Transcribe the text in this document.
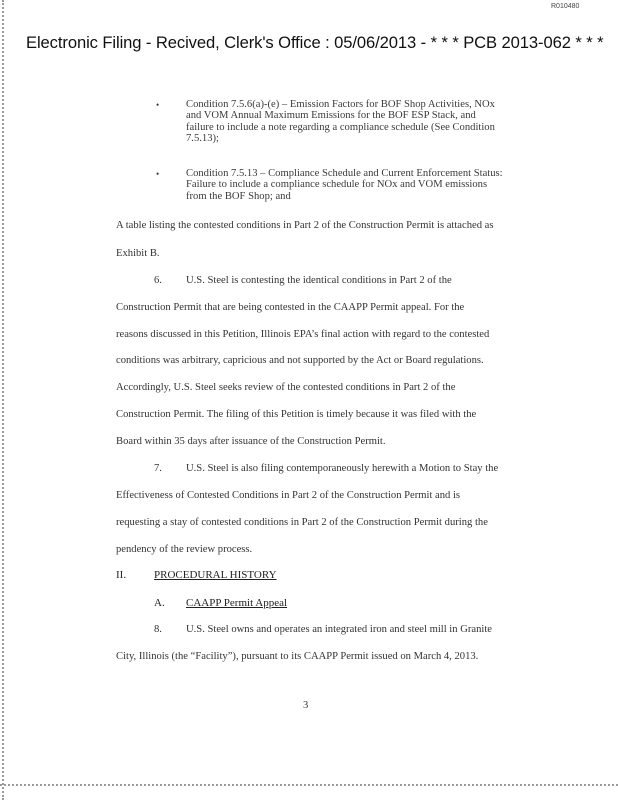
R010480
Electronic Filing - Recived, Clerk's Office : 05/06/2013 - * * * PCB 2013-062 * * *
•	Condition 7.5.6(a)-(e) – Emission Factors for BOF Shop Activities, NOx
and VOM Annual Maximum Emissions for the BOF ESP Stack, and
failure to include a note regarding a compliance schedule (See Condition
7.5.13);
•	Condition 7.5.13 – Compliance Schedule and Current Enforcement Status:
Failure to include a compliance schedule for NOx and VOM emissions
from the BOF Shop; and
A table listing the contested conditions in Part 2 of the Construction Permit is attached as
Exhibit B.
6. U.S. Steel is contesting the identical conditions in Part 2 of the
Construction Permit that are being contested in the CAAPP Permit appeal. For the
reasons discussed in this Petition, Illinois EPA’s final action with regard to the contested
conditions was arbitrary, capricious and not supported by the Act or Board regulations.
Accordingly, U.S. Steel seeks review of the contested conditions in Part 2 of the
Construction Permit. The filing of this Petition is timely because it was filed with the
Board within 35 days after issuance of the Construction Permit.
7. U.S. Steel is also filing contemporaneously herewith a Motion to Stay the
Effectiveness of Contested Conditions in Part 2 of the Construction Permit and is
requesting a stay of contested conditions in Part 2 of the Construction Permit during the
pendency of the review process.
II.	PROCEDURAL HISTORY
A. CAAPP Permit Appeal
8. U.S. Steel owns and operates an integrated iron and steel mill in Granite
City, Illinois (the “Facility”), pursuant to its CAAPP Permit issued on March 4, 2013.
3
